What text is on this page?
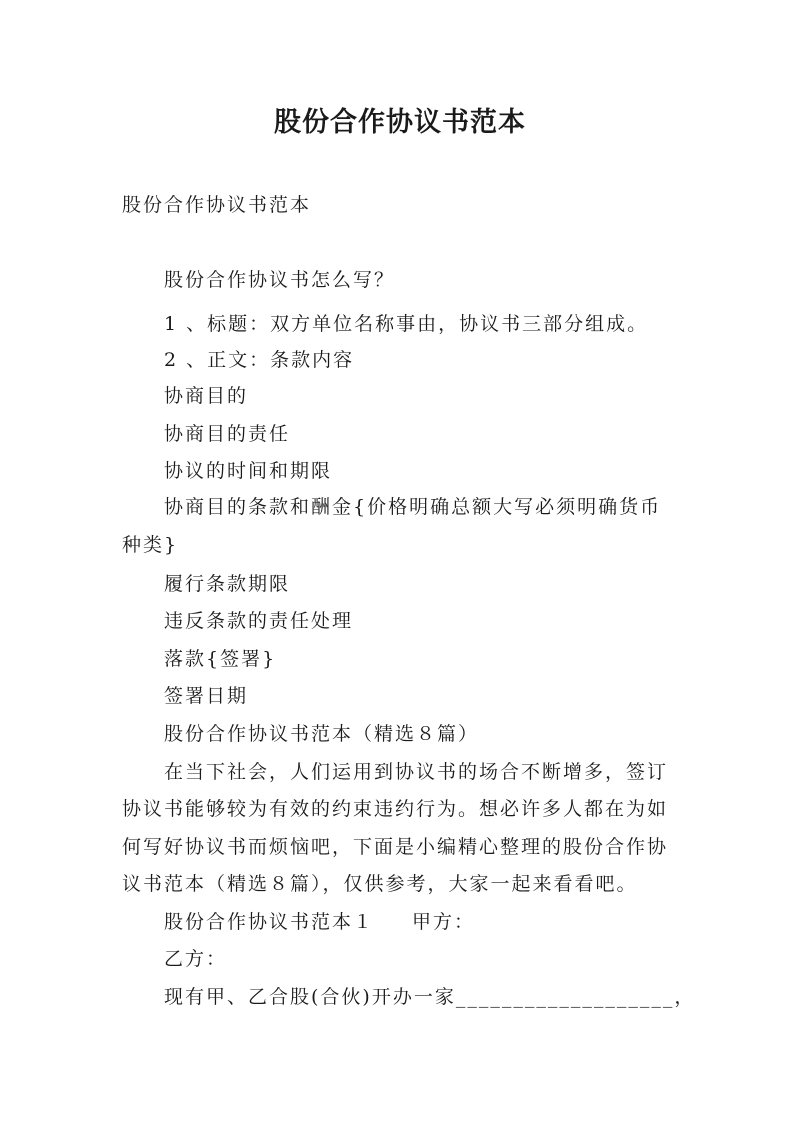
股份合作协议书范本

股份合作协议书范本

股份合作协议书怎么写？

1 、标题：双方单位名称事由，协议书三部分组成。

2 、正文：条款内容

协商目的

协商目的责任

协议的时间和期限

协商目的条款和酬金{价格明确总额大写必须明确货币

种类}

履行条款期限

违反条款的责任处理

落款{签署}

签署日期

股份合作协议书范本（精选８篇）

在当下社会，人们运用到协议书的场合不断增多，签订

协议书能够较为有效的约束违约行为。想必许多人都在为如

何写好协议书而烦恼吧，下面是小编精心整理的股份合作协

议书范本（精选８篇），仅供参考，大家一起来看看吧。

股份合作协议书范本１ 甲方：

乙方：

现有甲、乙合股(合伙)开办一家___________________，
